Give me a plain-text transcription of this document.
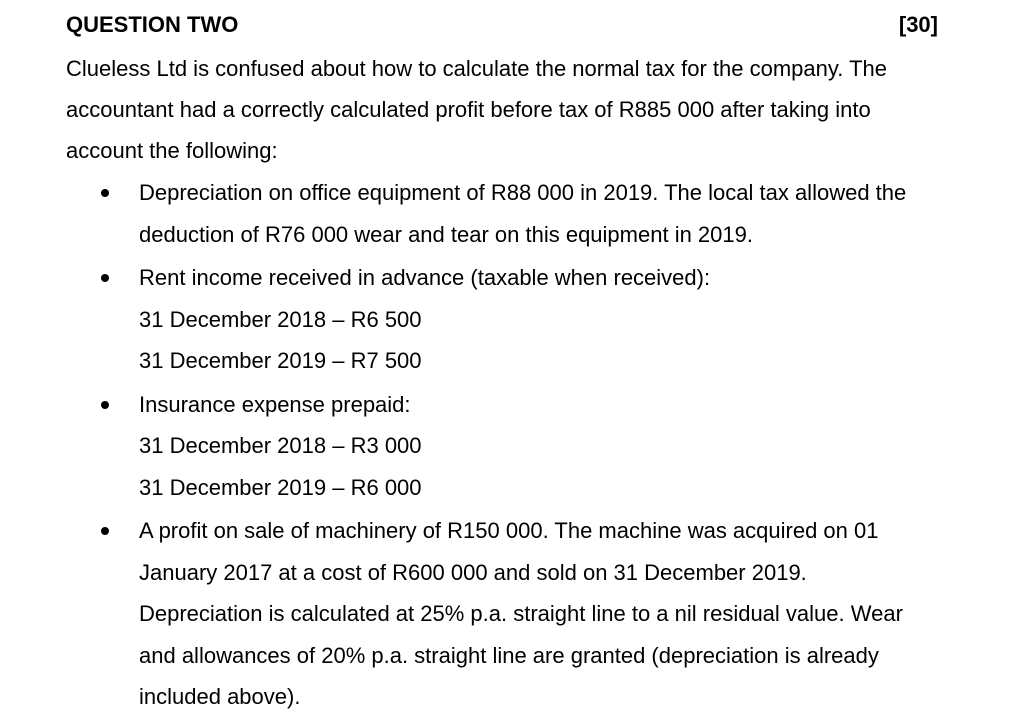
QUESTION TWO	[30]
Clueless Ltd is confused about how to calculate the normal tax for the company. The
accountant had a correctly calculated profit before tax of R885 000 after taking into
account the following:
Depreciation on office equipment of R88 000 in 2019. The local tax allowed the
deduction of R76 000 wear and tear on this equipment in 2019.
Rent income received in advance (taxable when received):
31 December 2018 – R6 500
31 December 2019 – R7 500
Insurance expense prepaid:
31 December 2018 – R3 000
31 December 2019 – R6 000
A profit on sale of machinery of R150 000. The machine was acquired on 01
January 2017 at a cost of R600 000 and sold on 31 December 2019.
Depreciation is calculated at 25% p.a. straight line to a nil residual value. Wear
and allowances of 20% p.a. straight line are granted (depreciation is already
included above).
